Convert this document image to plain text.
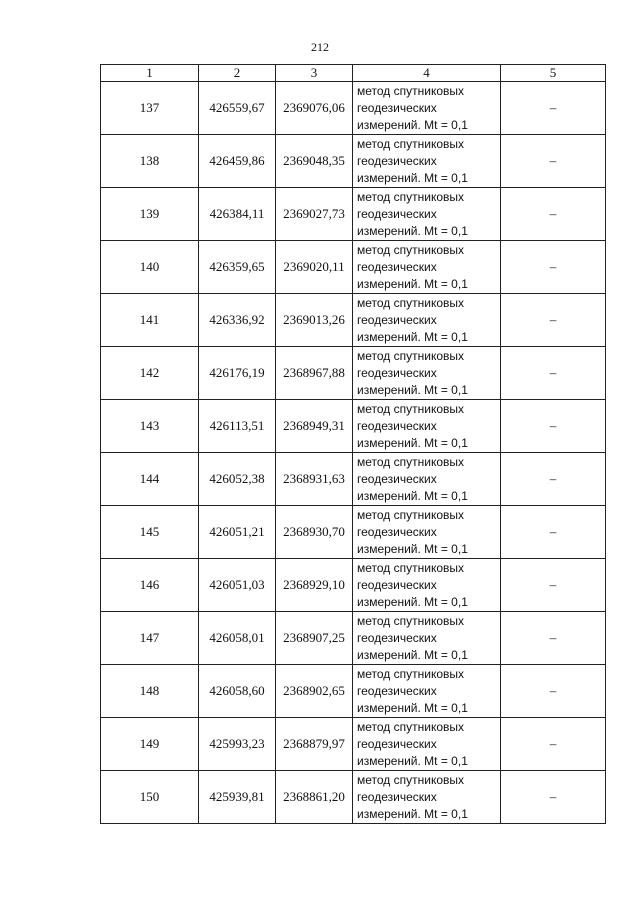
212
1	2	3	4	5
137	426559,67	2369076,06	метод спутниковых
геодезических
измерений. Mt = 0,1	–
138	426459,86	2369048,35	метод спутниковых
геодезических
измерений. Mt = 0,1	–
139	426384,11	2369027,73	метод спутниковых
геодезических
измерений. Mt = 0,1	–
140	426359,65	2369020,11	метод спутниковых
геодезических
измерений. Mt = 0,1	–
141	426336,92	2369013,26	метод спутниковых
геодезических
измерений. Mt = 0,1	–
142	426176,19	2368967,88	метод спутниковых
геодезических
измерений. Mt = 0,1	–
143	426113,51	2368949,31	метод спутниковых
геодезических
измерений. Mt = 0,1	–
144	426052,38	2368931,63	метод спутниковых
геодезических
измерений. Mt = 0,1	–
145	426051,21	2368930,70	метод спутниковых
геодезических
измерений. Mt = 0,1	–
146	426051,03	2368929,10	метод спутниковых
геодезических
измерений. Mt = 0,1	–
147	426058,01	2368907,25	метод спутниковых
геодезических
измерений. Mt = 0,1	–
148	426058,60	2368902,65	метод спутниковых
геодезических
измерений. Mt = 0,1	–
149	425993,23	2368879,97	метод спутниковых
геодезических
измерений. Mt = 0,1	–
150	425939,81	2368861,20	метод спутниковых
геодезических
измерений. Mt = 0,1	–
